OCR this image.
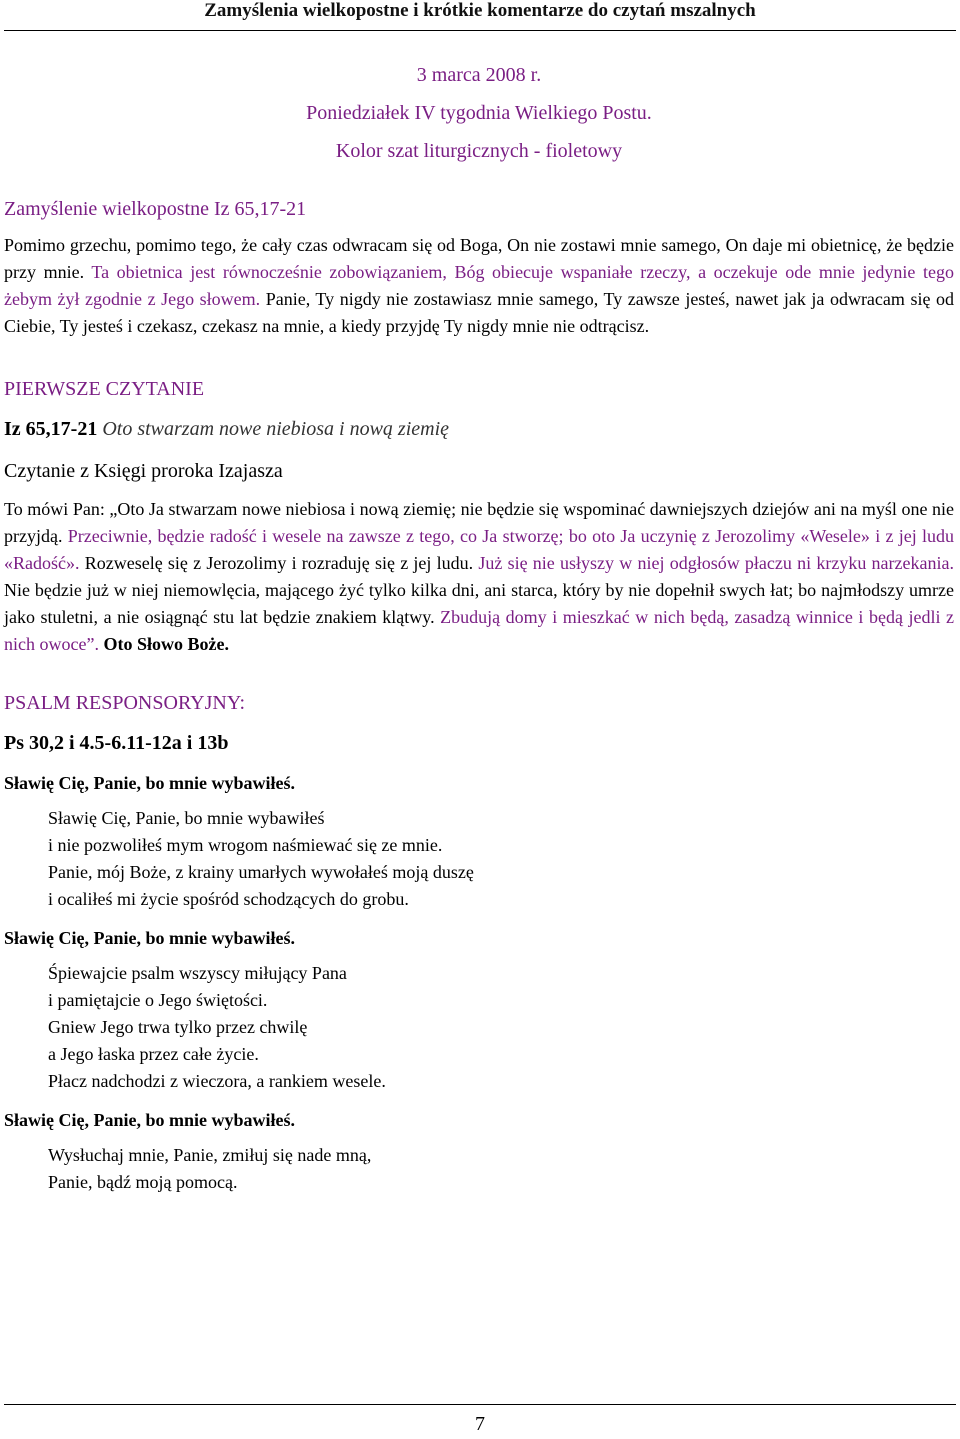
Zamyślenia wielkopostne i krótkie komentarze do czytań mszalnych
3 marca 2008 r.
Poniedziałek IV tygodnia Wielkiego Postu.
Kolor szat liturgicznych - fioletowy

Zamyślenie wielkopostne Iz 65,17-21

Pomimo grzechu, pomimo tego, że cały czas odwracam się od Boga, On nie zostawi mnie samego, On daje mi obietnicę, że będzie przy mnie. Ta obietnica jest równocześnie zobowiązaniem, Bóg obiecuje wspaniałe rzeczy, a oczekuje ode mnie jedynie tego żebym żył zgodnie z Jego słowem. Panie, Ty nigdy nie zostawiasz mnie samego, Ty zawsze jesteś, nawet jak ja odwracam się od Ciebie, Ty jesteś i czekasz, czekasz na mnie, a kiedy przyjdę Ty nigdy mnie nie odtrącisz.

PIERWSZE CZYTANIE

Iz 65,17-21 Oto stwarzam nowe niebiosa i nową ziemię

Czytanie z Księgi proroka Izajasza

To mówi Pan: „Oto Ja stwarzam nowe niebiosa i nową ziemię; nie będzie się wspominać dawniejszych dziejów ani na myśl one nie przyjdą. Przeciwnie, będzie radość i wesele na zawsze z tego, co Ja stworzę; bo oto Ja uczynię z Jerozolimy «Wesele» i z jej ludu «Radość». Rozweselę się z Jerozolimy i rozraduję się z jej ludu. Już się nie usłyszy w niej odgłosów płaczu ni krzyku narzekania. Nie będzie już w niej niemowlęcia, mającego żyć tylko kilka dni, ani starca, który by nie dopełnił swych łat; bo najmłodszy umrze jako stuletni, a nie osiągnąć stu lat będzie znakiem klątwy. Zbudują domy i mieszkać w nich będą, zasadzą winnice i będą jedli z nich owoce”. Oto Słowo Boże.

PSALM RESPONSORYJNY:

Ps 30,2 i 4.5-6.11-12a i 13b

Sławię Cię, Panie, bo mnie wybawiłeś.

Sławię Cię, Panie, bo mnie wybawiłeś

i nie pozwoliłeś mym wrogom naśmiewać się ze mnie.

Panie, mój Boże, z krainy umarłych wywołałeś moją duszę

i ocaliłeś mi życie spośród schodzących do grobu.

Sławię Cię, Panie, bo mnie wybawiłeś.

Śpiewajcie psalm wszyscy miłujący Pana

i pamiętajcie o Jego świętości.

Gniew Jego trwa tylko przez chwilę

a Jego łaska przez całe życie.

Płacz nadchodzi z wieczora, a rankiem wesele.

Sławię Cię, Panie, bo mnie wybawiłeś.

Wysłuchaj mnie, Panie, zmiłuj się nade mną,

Panie, bądź moją pomocą.

7
